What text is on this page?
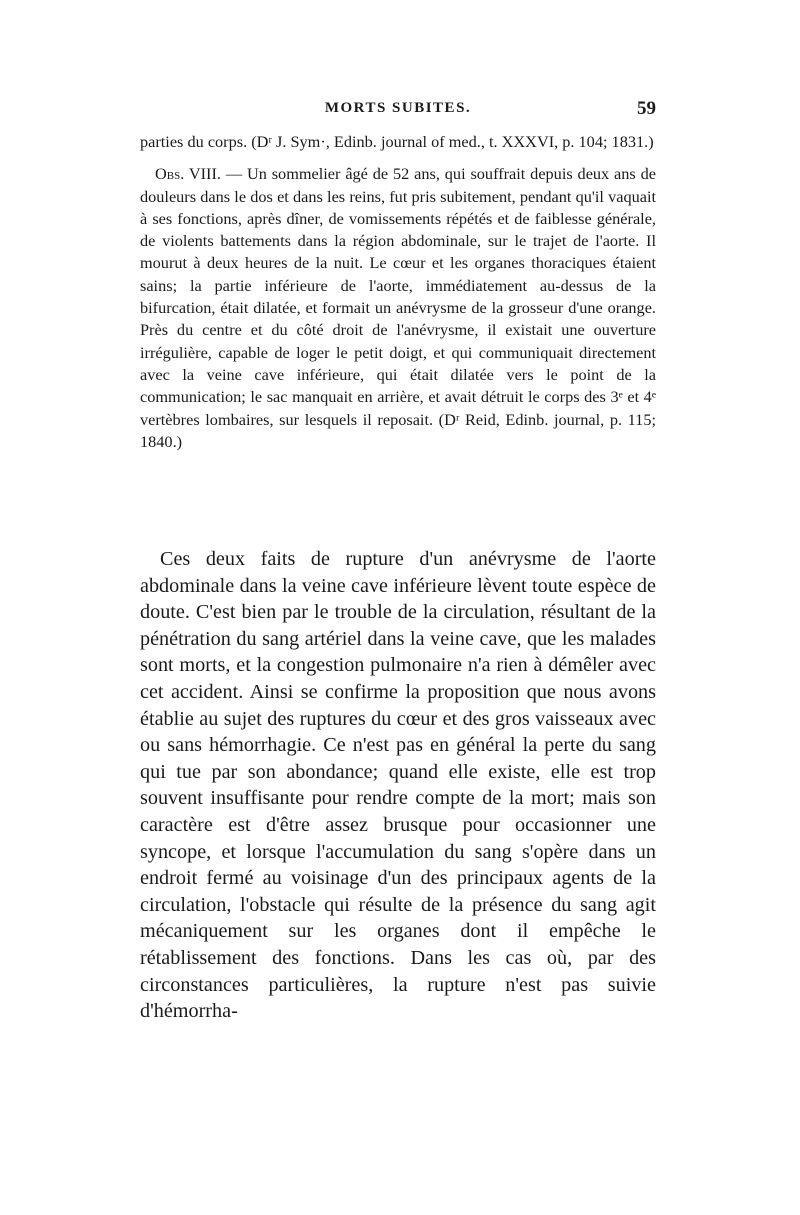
MORTS SUBITES.	59

parties du corps. (Dʳ J. Sym·, Edinb. journal of med., t. XXXVI, p. 104; 1831.)

Obs. VIII. — Un sommelier âgé de 52 ans, qui souffrait depuis deux ans de douleurs dans le dos et dans les reins, fut pris subitement, pendant qu'il vaquait à ses fonctions, après dîner, de vomissements répétés et de faiblesse générale, de violents battements dans la région abdominale, sur le trajet de l'aorte. Il mourut à deux heures de la nuit. Le cœur et les organes thoraciques étaient sains; la partie inférieure de l'aorte, immédiatement au-dessus de la bifurcation, était dilatée, et formait un anévrysme de la grosseur d'une orange. Près du centre et du côté droit de l'anévrysme, il existait une ouverture irrégulière, capable de loger le petit doigt, et qui communiquait directement avec la veine cave inférieure, qui était dilatée vers le point de la communication; le sac manquait en arrière, et avait détruit le corps des 3ᵉ et 4ᵉ vertèbres lombaires, sur lesquels il reposait. (Dʳ Reid, Edinb. journal, p. 115; 1840.)

Ces deux faits de rupture d'un anévrysme de l'aorte abdominale dans la veine cave inférieure lèvent toute espèce de doute. C'est bien par le trouble de la circulation, résultant de la pénétration du sang artériel dans la veine cave, que les malades sont morts, et la congestion pulmonaire n'a rien à démêler avec cet accident. Ainsi se confirme la proposition que nous avons établie au sujet des ruptures du cœur et des gros vaisseaux avec ou sans hémorrhagie. Ce n'est pas en général la perte du sang qui tue par son abondance; quand elle existe, elle est trop souvent insuffisante pour rendre compte de la mort; mais son caractère est d'être assez brusque pour occasionner une syncope, et lorsque l'accumulation du sang s'opère dans un endroit fermé au voisinage d'un des principaux agents de la circulation, l'obstacle qui résulte de la présence du sang agit mécaniquement sur les organes dont il empêche le rétablissement des fonctions. Dans les cas où, par des circonstances particulières, la rupture n'est pas suivie d'hémorrha-
